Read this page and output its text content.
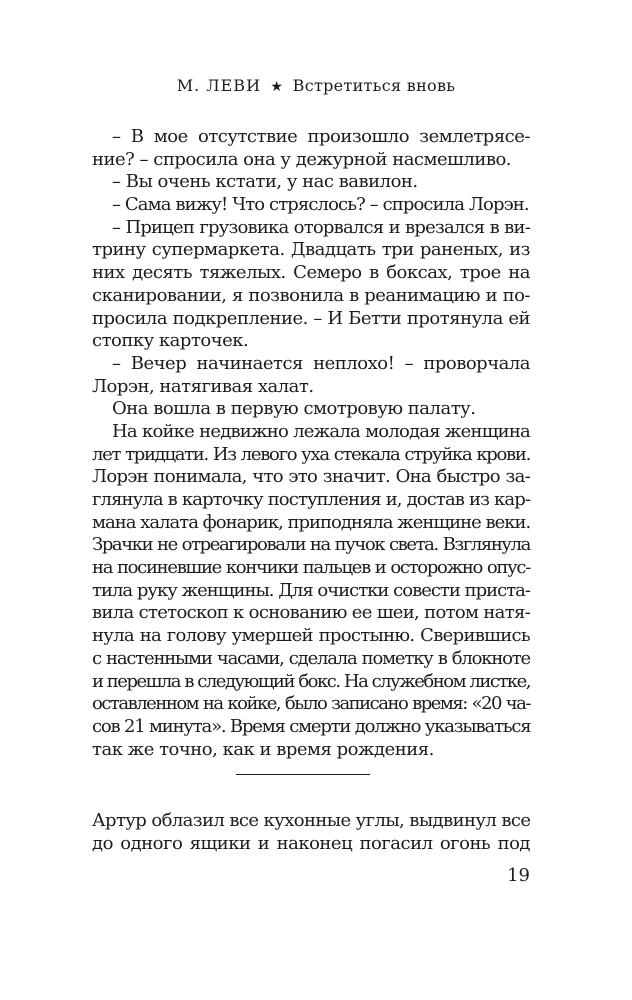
М. ЛЕВИ ★ Встретиться вновь
– В мое отсутствие произошло землетрясе-
ние? – спросила она у дежурной насмешливо.
– Вы очень кстати, у нас вавилон.
– Сама вижу! Что стряслось? – спросила Лорэн.
– Прицеп грузовика оторвался и врезался в ви-
трину супермаркета. Двадцать три раненых, из
них десять тяжелых. Семеро в боксах, трое на
сканировании, я позвонила в реанимацию и по-
просила подкрепление. – И Бетти протянула ей
стопку карточек.
– Вечер начинается неплохо! – проворчала
Лорэн, натягивая халат.
Она вошла в первую смотровую палату.
На койке недвижно лежала молодая женщина
лет тридцати. Из левого уха стекала струйка крови.
Лорэн понимала, что это значит. Она быстро за-
глянула в карточку поступления и, достав из кар-
мана халата фонарик, приподняла женщине веки.
Зрачки не отреагировали на пучок света. Взглянула
на посиневшие кончики пальцев и осторожно опус-
тила руку женщины. Для очистки совести пристa-
вила стетоскоп к основанию ее шеи, потом натя-
нула на голову умершей простыню. Сверившись
с настенными часами, сделала пометку в блокноте
и перешла в следующий бокс. На служебном листке,
оставленном на койке, было записано время: «20 ча-
сов 21 минута». Время смерти должно указываться
так же точно, как и время рождения.
Артур облазил все кухонные углы, выдвинул все
до одного ящики и наконец погасил огонь под
19
